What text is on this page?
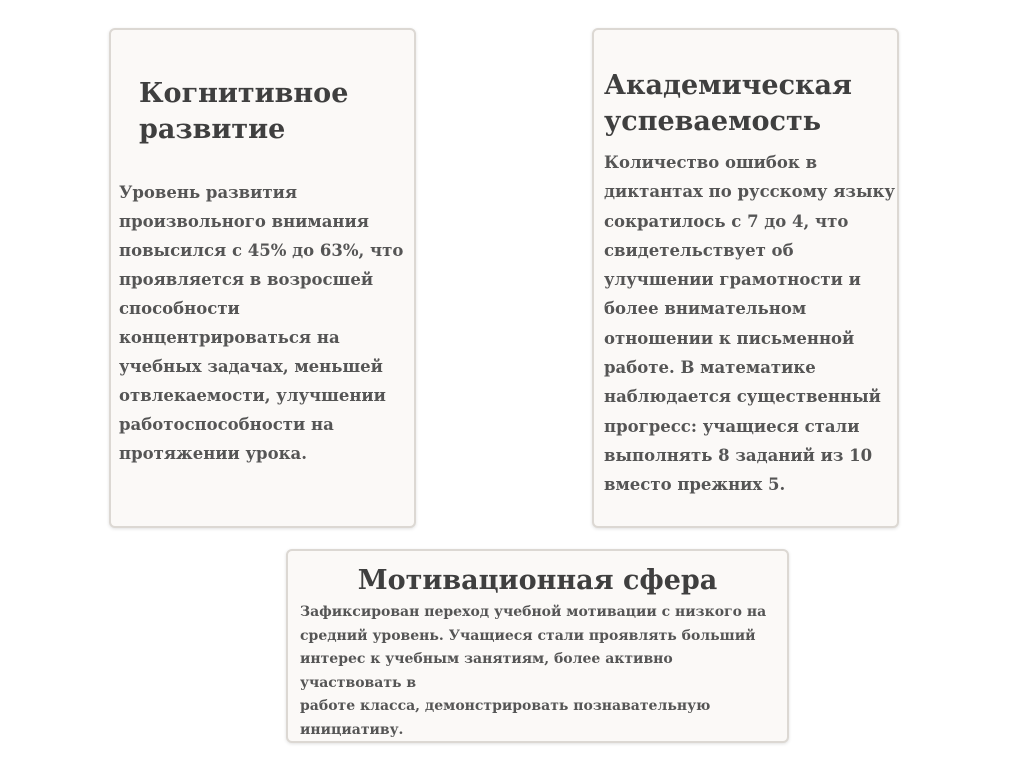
Когнитивное развитие

Уровень развития произвольного внимания повысился с 45% до 63%, что проявляется в возросшей способности концентрироваться на учебных задачах, меньшей отвлекаемости, улучшении работоспособности на протяжении урока.

Академическая успеваемость

Количество ошибок в диктантах по русскому языку сократилось с 7 до 4, что свидетельствует об улучшении грамотности и более внимательном отношении к письменной работе. В математике наблюдается существенный прогресс: учащиеся стали выполнять 8 заданий из 10 вместо прежних 5.

Мотивационная сфера

Зафиксирован переход учебной мотивации с низкого на
средний уровень. Учащиеся стали проявлять больший
интерес к учебным занятиям, более активно
участвовать в
работе класса, демонстрировать познавательную
инициативу.
